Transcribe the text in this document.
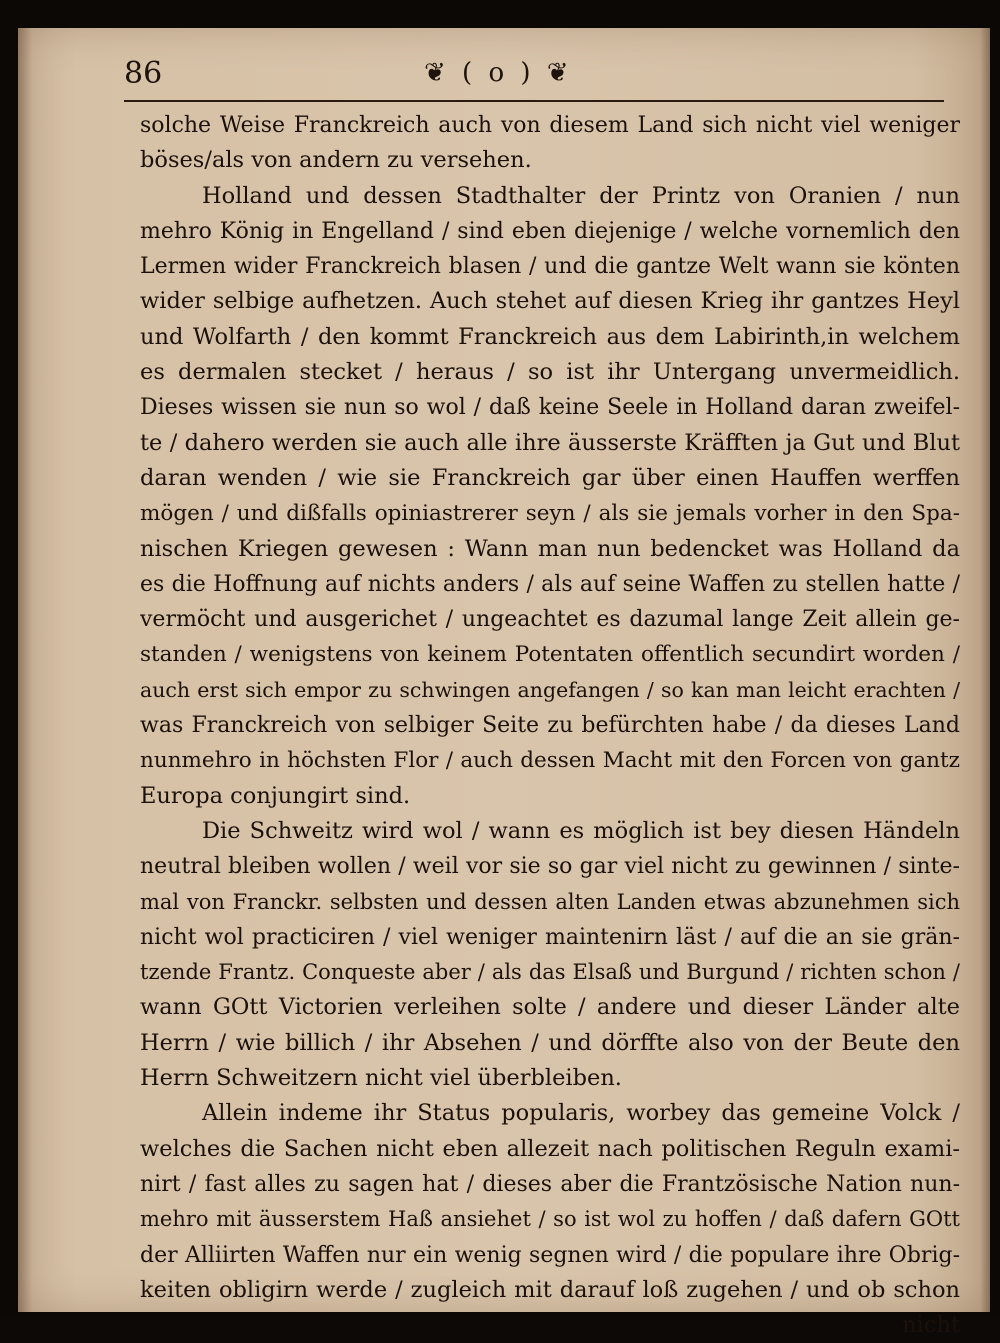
86	❦ ( o ) ❦
solche Weise Franckreich auch von diesem Land sich nicht viel weniger
böses/als von andern zu versehen.
Holland und dessen Stadthalter der Printz von Oranien / nun
mehro König in Engelland / sind eben diejenige / welche vornemlich den
Lermen wider Franckreich blasen / und die gantze Welt wann sie könten
wider selbige aufhetzen. Auch stehet auf diesen Krieg ihr gantzes Heyl
und Wolfarth / den kommt Franckreich aus dem Labirinth,in welchem
es dermalen stecket / heraus / so ist ihr Untergang unvermeidlich.
Dieses wissen sie nun so wol / daß keine Seele in Holland daran zweifel-
te / dahero werden sie auch alle ihre äusserste Kräfften ja Gut und Blut
daran wenden / wie sie Franckreich gar über einen Hauffen werffen
mögen / und dißfalls opiniastrerer seyn / als sie jemals vorher in den Spa-
nischen Kriegen gewesen : Wann man nun bedencket was Holland da
es die Hoffnung auf nichts anders / als auf seine Waffen zu stellen hatte /
vermöcht und ausgerichet / ungeachtet es dazumal lange Zeit allein ge-
standen / wenigstens von keinem Potentaten offentlich secundirt worden /
auch erst sich empor zu schwingen angefangen / so kan man leicht erachten /
was Franckreich von selbiger Seite zu befürchten habe / da dieses Land
nunmehro in höchsten Flor / auch dessen Macht mit den Forcen von gantz
Europa conjungirt sind.
Die Schweitz wird wol / wann es möglich ist bey diesen Händeln
neutral bleiben wollen / weil vor sie so gar viel nicht zu gewinnen / sinte-
mal von Franckr. selbsten und dessen alten Landen etwas abzunehmen sich
nicht wol practiciren / viel weniger maintenirn läst / auf die an sie grän-
tzende Frantz. Conqueste aber / als das Elsaß und Burgund / richten schon /
wann GOtt Victorien verleihen solte / andere und dieser Länder alte
Herrn / wie billich / ihr Absehen / und dörffte also von der Beute den
Herrn Schweitzern nicht viel überbleiben.
Allein indeme ihr Status popularis, worbey das gemeine Volck /
welches die Sachen nicht eben allezeit nach politischen Reguln exami-
nirt / fast alles zu sagen hat / dieses aber die Frantzösische Nation nun-
mehro mit äusserstem Haß ansiehet / so ist wol zu hoffen / daß dafern GOtt
der Alliirten Waffen nur ein wenig segnen wird / die populare ihre Obrig-
keiten obligirn werde / zugleich mit darauf loß zugehen / und ob schon
nicht
